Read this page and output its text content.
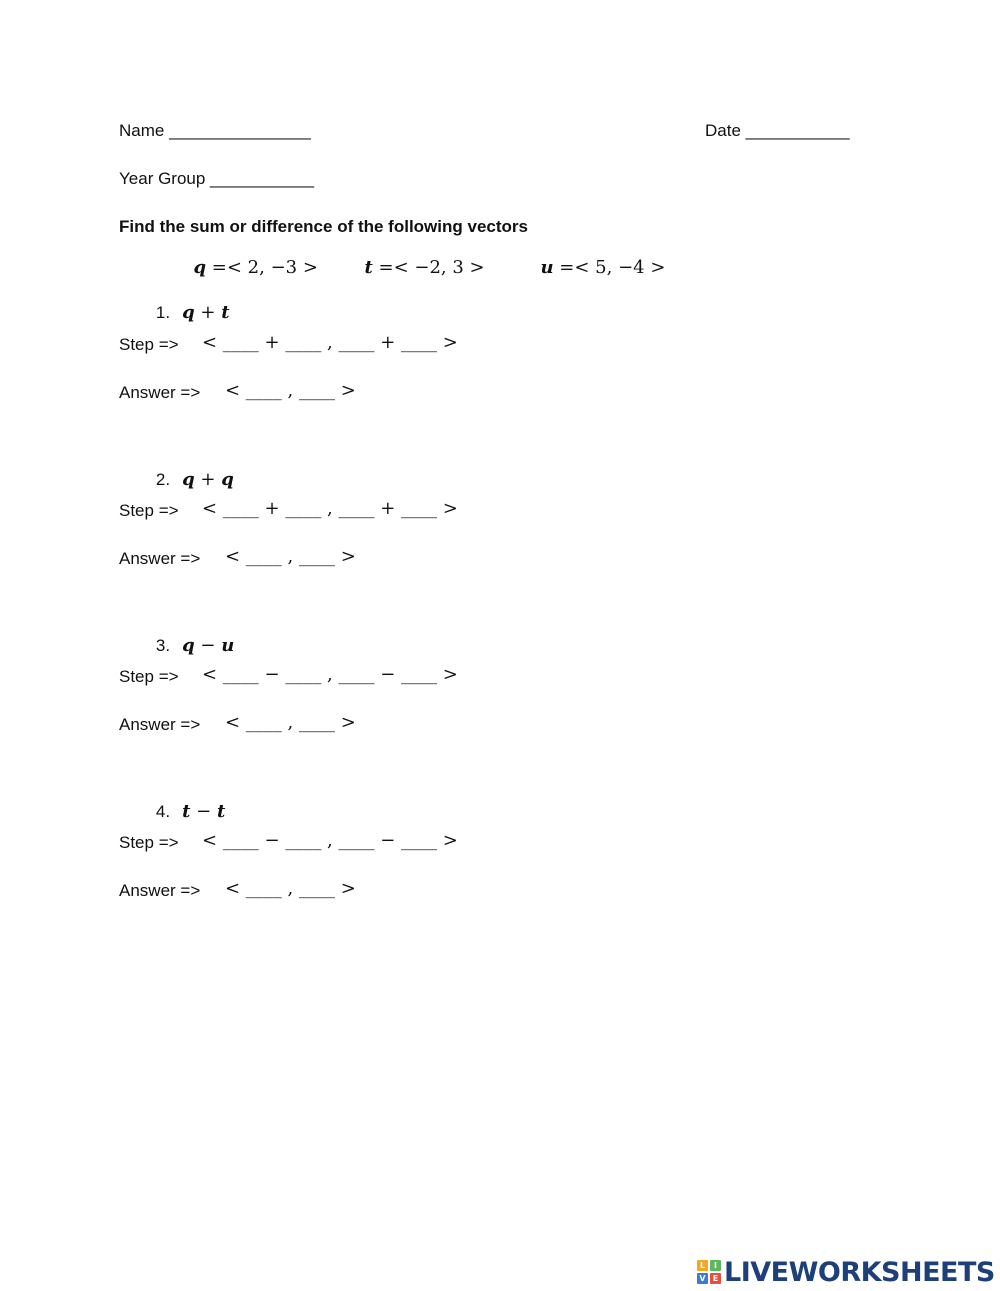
Name _______________	Date ___________
Year Group ___________
Find the sum or difference of the following vectors

q =< 2, −3 >	t =< −2, 3 >	u =< 5, −4 >

1. q + t

Step => < ____ + ____ , ____ + ____ >
Answer => < ____ , ____ >

2. q + q

Step => < ____ + ____ , ____ + ____ >
Answer => < ____ , ____ >

3. q − u

Step => < ____ − ____ , ____ − ____ >
Answer => < ____ , ____ >

4. t − t

Step => < ____ − ____ , ____ − ____ >
Answer => < ____ , ____ >
L	I
V E LIVEWORKSHEETS
